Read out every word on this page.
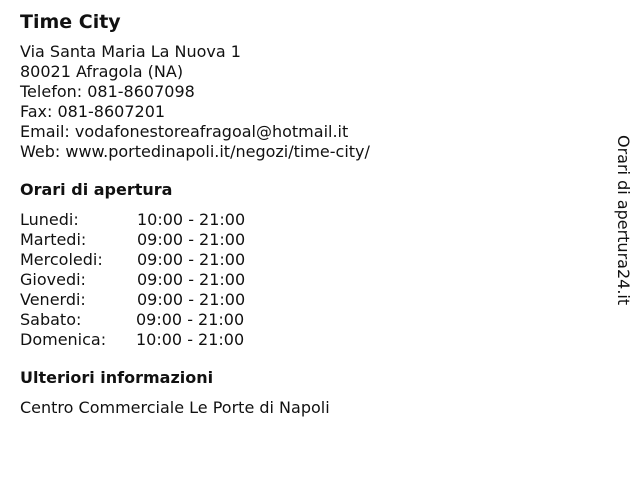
Time City
Via Santa Maria La Nuova 1
80021 Afragola (NA)
Telefon: 081-8607098
Fax: 081-8607201
Email: vodafonestoreafragoal@hotmail.it
Web: www.portedinapoli.it/negozi/time-city/
Orari di apertura
Lunedi:	10:00 - 21:00
Martedi:	09:00 - 21:00
Mercoledi:	09:00 - 21:00
Giovedi:	09:00 - 21:00
Venerdi:	09:00 - 21:00
Sabato:	09:00 - 21:00
Domenica:	10:00 - 21:00
Ulteriori informazioni
Centro Commerciale Le Porte di Napoli
Orari di apertura24.it
